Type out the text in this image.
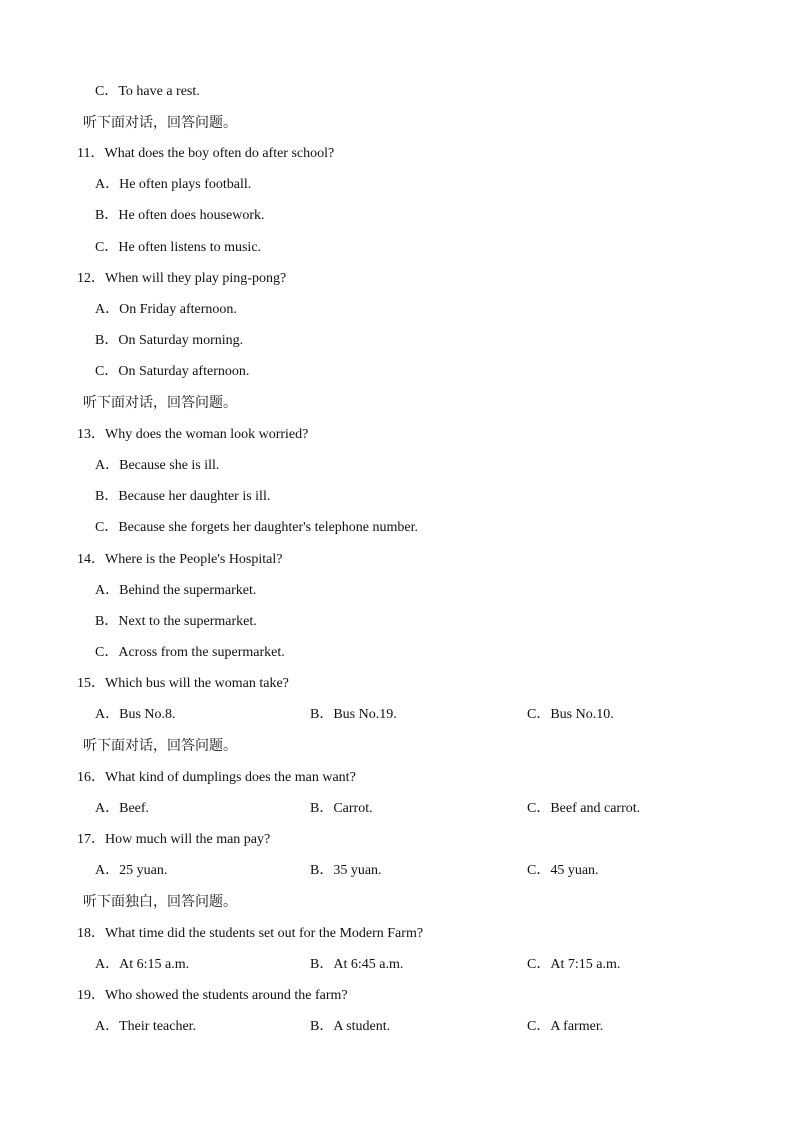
C．To have a rest.
听下面对话，回答问题。
11．What does the boy often do after school?
A．He often plays football.
B．He often does housework.
C．He often listens to music.
12．When will they play ping-pong?
A．On Friday afternoon.
B．On Saturday morning.
C．On Saturday afternoon.
听下面对话，回答问题。
13．Why does the woman look worried?
A．Because she is ill.
B．Because her daughter is ill.
C．Because she forgets her daughter's telephone number.
14．Where is the People's Hospital?
A．Behind the supermarket.
B．Next to the supermarket.
C．Across from the supermarket.
15．Which bus will the woman take?
A．Bus No.8.	B．Bus No.19.	C．Bus No.10.
听下面对话，回答问题。
16．What kind of dumplings does the man want?
A．Beef.	B．Carrot.	C．Beef and carrot.
17．How much will the man pay?
A．25 yuan.	B．35 yuan.	C．45 yuan.
听下面独白，回答问题。
18．What time did the students set out for the Modern Farm?
A．At 6:15 a.m.	B．At 6:45 a.m.	C．At 7:15 a.m.
19．Who showed the students around the farm?
A．Their teacher.	B．A student.	C．A farmer.
